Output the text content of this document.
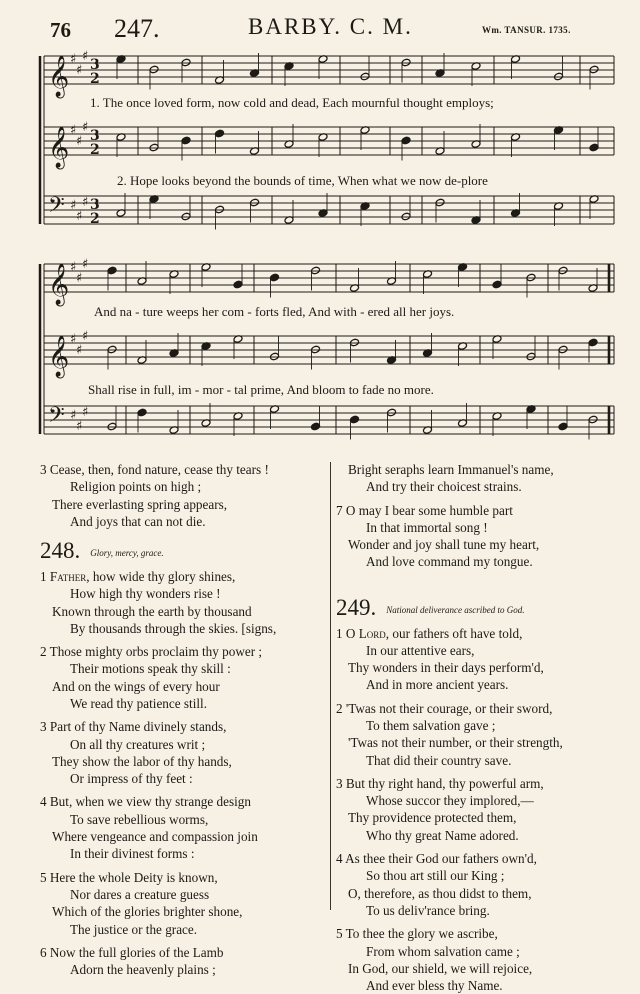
76 247.	BARBY. C. M.	Wm. TANSUR. 1735.
𝄞 ♯
♯
♯
3
2
𝄞 ♯
♯
♯
3
2
𝄢 ♯
♯
♯ 3
2
𝄞 ♯
♯
♯
𝄞 ♯
♯
♯
𝄢 ♯
♯
♯
1. The once loved form, now cold and dead, Each mournful thought employs;
2. Hope looks beyond the bounds of time, When what we now de-plore
And na - ture weeps her com - forts fled, And with - ered all her joys.
Shall rise in full, im - mor - tal prime, And bloom to fade no more.
3 Cease, then, fond nature, cease thy tears !
Religion points on high ;
There everlasting spring appears,
And joys that can not die.
248. Glory, mercy, grace.
1 Father, how wide thy glory shines,
How high thy wonders rise !
Known through the earth by thousand
By thousands through the skies. [signs,
2 Those mighty orbs proclaim thy power ;
Their motions speak thy skill :
And on the wings of every hour
We read thy patience still.
3 Part of thy Name divinely stands,
On all thy creatures writ ;
They show the labor of thy hands,
Or impress of thy feet :
4 But, when we view thy strange design
To save rebellious worms,
Where vengeance and compassion join
In their divinest forms :
5 Here the whole Deity is known,
Nor dares a creature guess
Which of the glories brighter shone,
The justice or the grace.
6 Now the full glories of the Lamb
Adorn the heavenly plains ;
Bright seraphs learn Immanuel's name,
And try their choicest strains.
7 O may I bear some humble part
In that immortal song !
Wonder and joy shall tune my heart,
And love command my tongue.
249. National deliverance ascribed to God.
1 O Lord, our fathers oft have told,
In our attentive ears,
Thy wonders in their days perform'd,
And in more ancient years.
2 'Twas not their courage, or their sword,
To them salvation gave ;
'Twas not their number, or their strength,
That did their country save.
3 But thy right hand, thy powerful arm,
Whose succor they implored,—
Thy providence protected them,
Who thy great Name adored.
4 As thee their God our fathers own'd,
So thou art still our King ;
O, therefore, as thou didst to them,
To us deliv'rance bring.
5 To thee the glory we ascribe,
From whom salvation came ;
In God, our shield, we will rejoice,
And ever bless thy Name.
